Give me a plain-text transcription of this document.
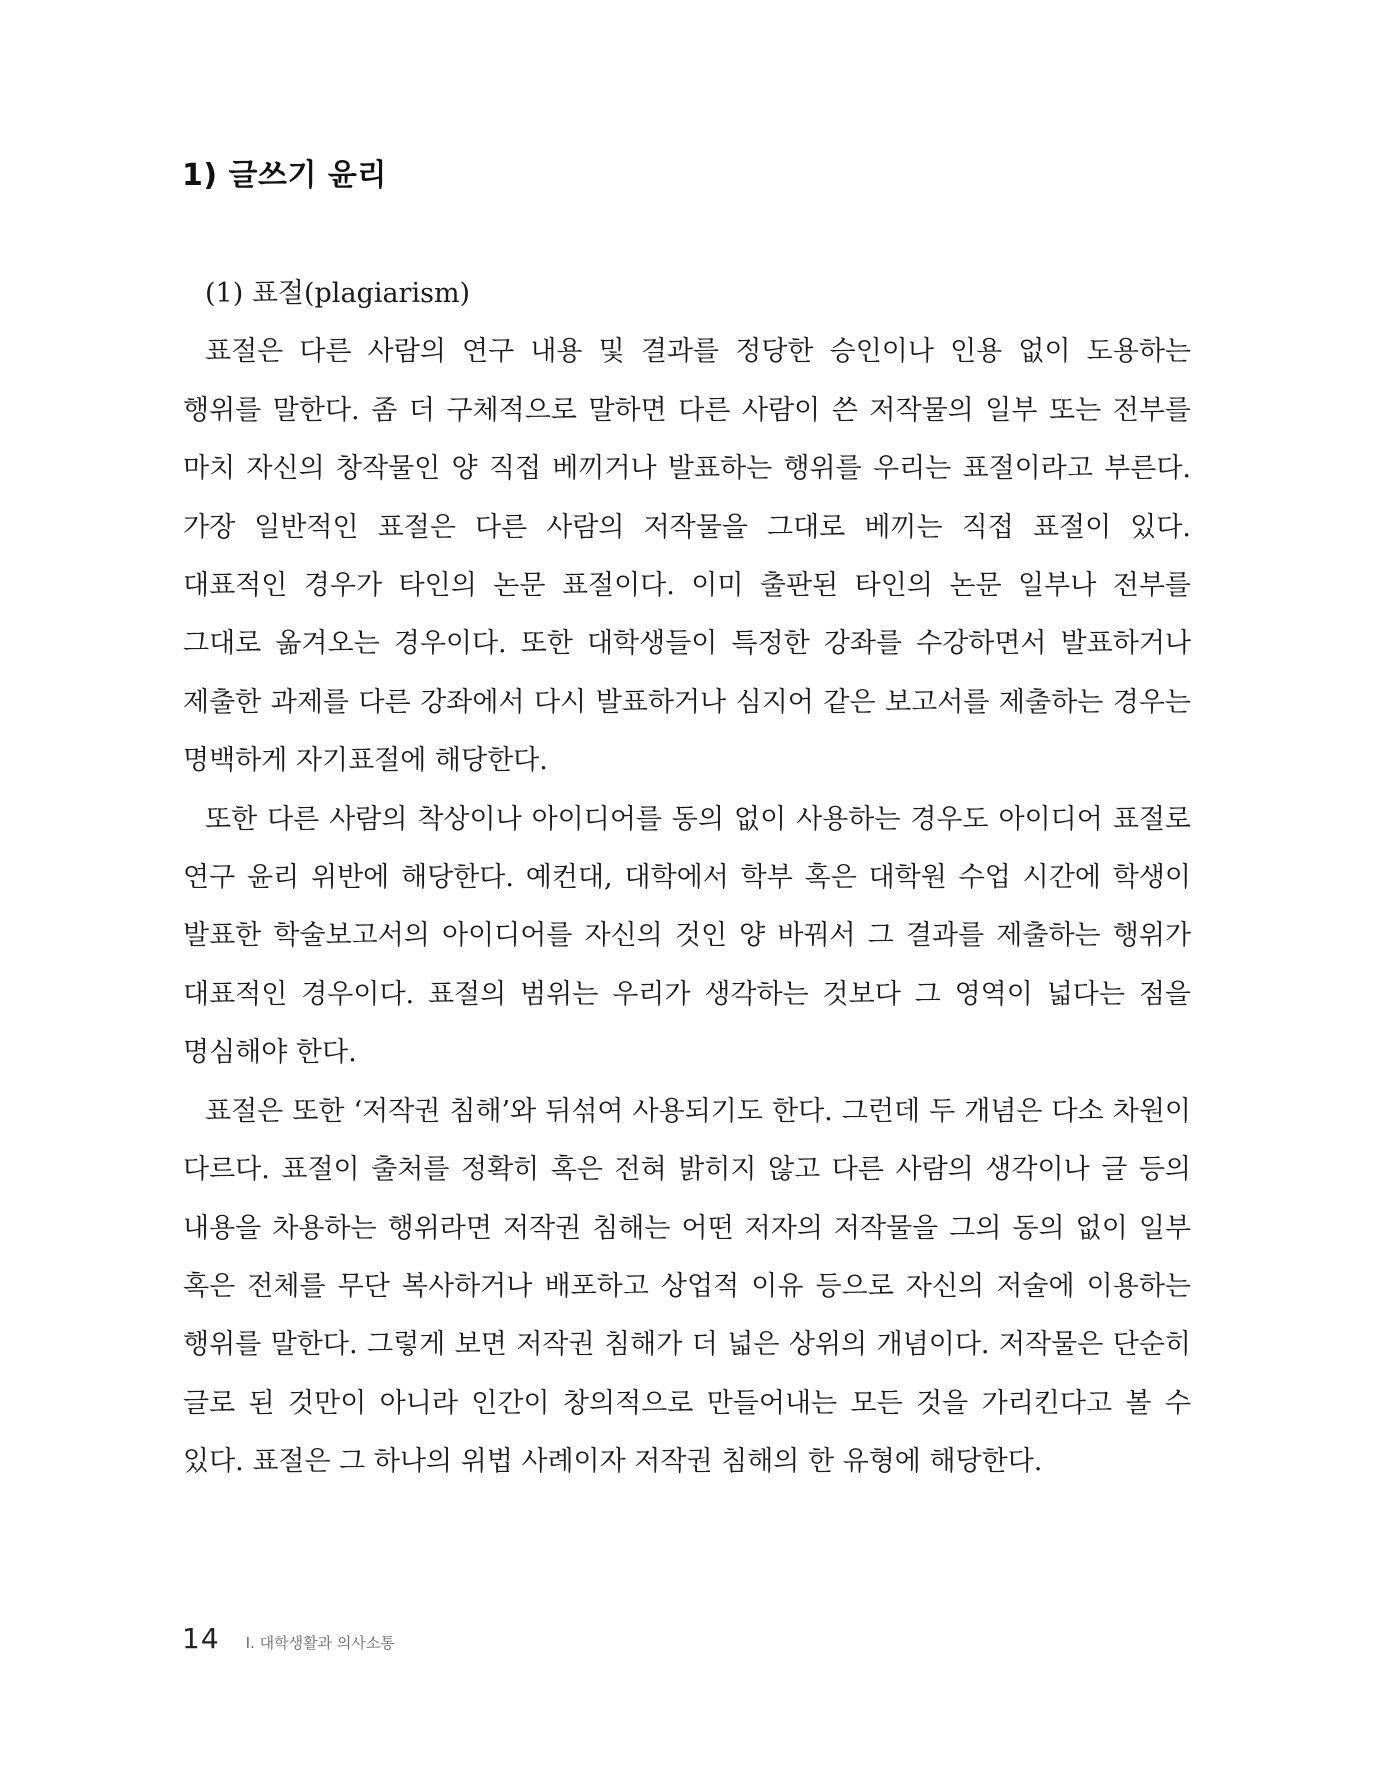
1) 글쓰기 윤리
(1) 표절(plagiarism)

표절은 다른 사람의 연구 내용 및 결과를 정당한 승인이나 인용 없이 도용하는 행위를 말한다. 좀 더 구체적으로 말하면 다른 사람이 쓴 저작물의 일부 또는 전부를 마치 자신의 창작물인 양 직접 베끼거나 발표하는 행위를 우리는 표절이라고 부른다. 가장 일반적인 표절은 다른 사람의 저작물을 그대로 베끼는 직접 표절이 있다. 대표적인 경우가 타인의 논문 표절이다. 이미 출판된 타인의 논문 일부나 전부를 그대로 옮겨오는 경우이다. 또한 대학생들이 특정한 강좌를 수강하면서 발표하거나 제출한 과제를 다른 강좌에서 다시 발표하거나 심지어 같은 보고서를 제출하는 경우는 명백하게 자기표절에 해당한다.

또한 다른 사람의 착상이나 아이디어를 동의 없이 사용하는 경우도 아이디어 표절로 연구 윤리 위반에 해당한다. 예컨대, 대학에서 학부 혹은 대학원 수업 시간에 학생이 발표한 학술보고서의 아이디어를 자신의 것인 양 바꿔서 그 결과를 제출하는 행위가 대표적인 경우이다. 표절의 범위는 우리가 생각하는 것보다 그 영역이 넓다는 점을 명심해야 한다.

표절은 또한 ‘저작권 침해’와 뒤섞여 사용되기도 한다. 그런데 두 개념은 다소 차원이 다르다. 표절이 출처를 정확히 혹은 전혀 밝히지 않고 다른 사람의 생각이나 글 등의 내용을 차용하는 행위라면 저작권 침해는 어떤 저자의 저작물을 그의 동의 없이 일부 혹은 전체를 무단 복사하거나 배포하고 상업적 이유 등으로 자신의 저술에 이용하는 행위를 말한다. 그렇게 보면 저작권 침해가 더 넓은 상위의 개념이다. 저작물은 단순히 글로 된 것만이 아니라 인간이 창의적으로 만들어내는 모든 것을 가리킨다고 볼 수 있다. 표절은 그 하나의 위법 사례이자 저작권 침해의 한 유형에 해당한다.

14 I. 대학생활과 의사소통
